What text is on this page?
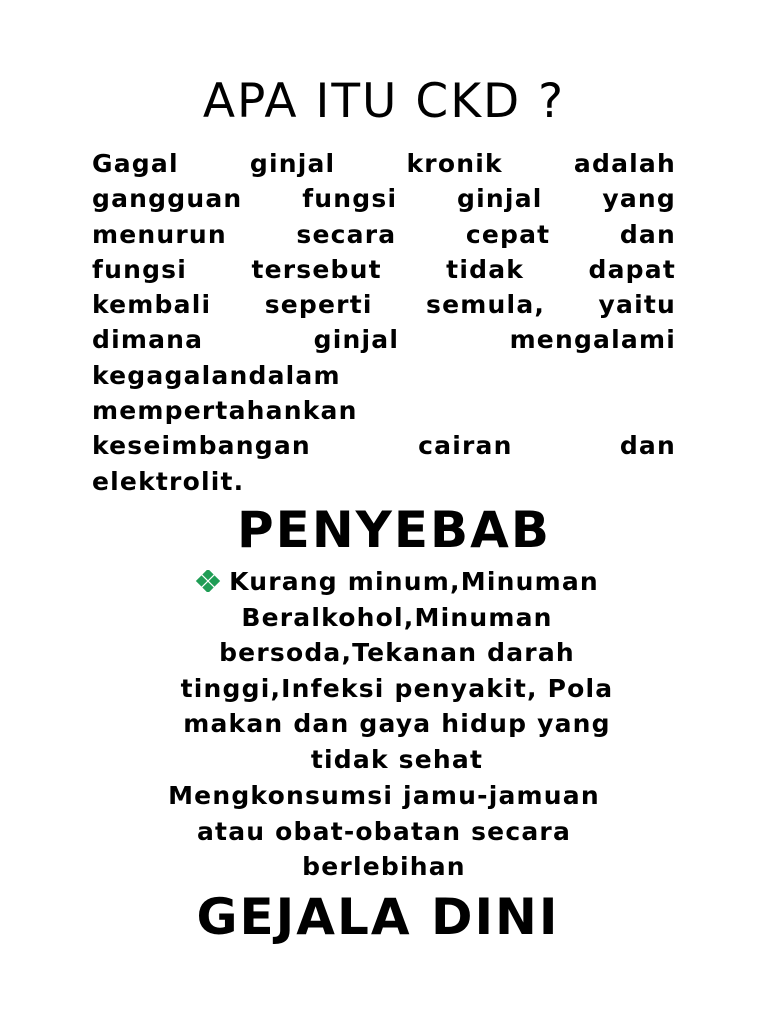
APA ITU CKD ?

Gagal ginjal kronik adalah
gangguan fungsi ginjal yang
menurun secara cepat dan
fungsi tersebut tidak dapat
kembali seperti semula, yaitu
dimana ginjal mengalami
kegagalandalam
mempertahankan
keseimbangan cairan dan
elektrolit.

PENYEBAB
Kurang minum,Minuman
Beralkohol,Minuman
bersoda,Tekanan darah
tinggi,Infeksi penyakit, Pola
makan dan gaya hidup yang
tidak sehat
Mengkonsumsi jamu-jamuan
atau obat-obatan secara
berlebihan
GEJALA DINI
